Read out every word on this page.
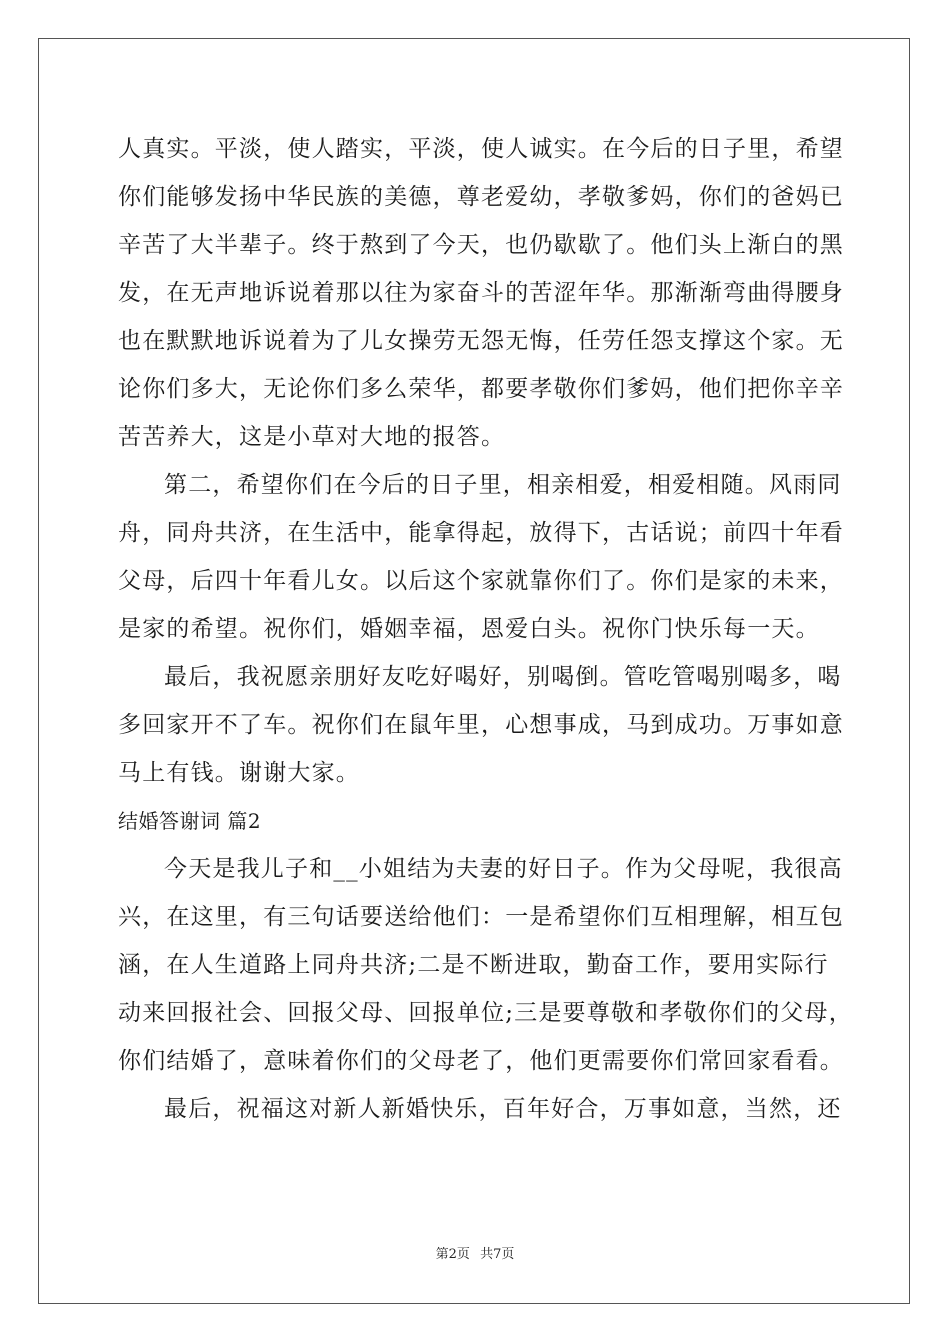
人真实。平淡，使人踏实，平淡，使人诚实。在今后的日子里，希望
你们能够发扬中华民族的美德，尊老爱幼，孝敬爹妈，你们的爸妈已
辛苦了大半辈子。终于熬到了今天，也仍歇歇了。他们头上渐白的黑
发，在无声地诉说着那以往为家奋斗的苦涩年华。那渐渐弯曲得腰身
也在默默地诉说着为了儿女操劳无怨无悔，任劳任怨支撑这个家。无
论你们多大，无论你们多么荣华，都要孝敬你们爹妈，他们把你辛辛
苦苦养大，这是小草对大地的报答。
第二，希望你们在今后的日子里，相亲相爱，相爱相随。风雨同
舟，同舟共济，在生活中，能拿得起，放得下，古话说；前四十年看
父母，后四十年看儿女。以后这个家就靠你们了。你们是家的未来，
是家的希望。祝你们，婚姻幸福，恩爱白头。祝你门快乐每一天。
最后，我祝愿亲朋好友吃好喝好，别喝倒。管吃管喝别喝多，喝
多回家开不了车。祝你们在鼠年里，心想事成，马到成功。万事如意
马上有钱。谢谢大家。
结婚答谢词 篇2
今天是我儿子和__小姐结为夫妻的好日子。作为父母呢，我很高
兴，在这里，有三句话要送给他们：一是希望你们互相理解，相互包
涵，在人生道路上同舟共济;二是不断进取，勤奋工作，要用实际行
动来回报社会、回报父母、回报单位;三是要尊敬和孝敬你们的父母，
你们结婚了，意味着你们的父母老了，他们更需要你们常回家看看。
最后，祝福这对新人新婚快乐，百年好合，万事如意，当然，还
第2页 共7页
